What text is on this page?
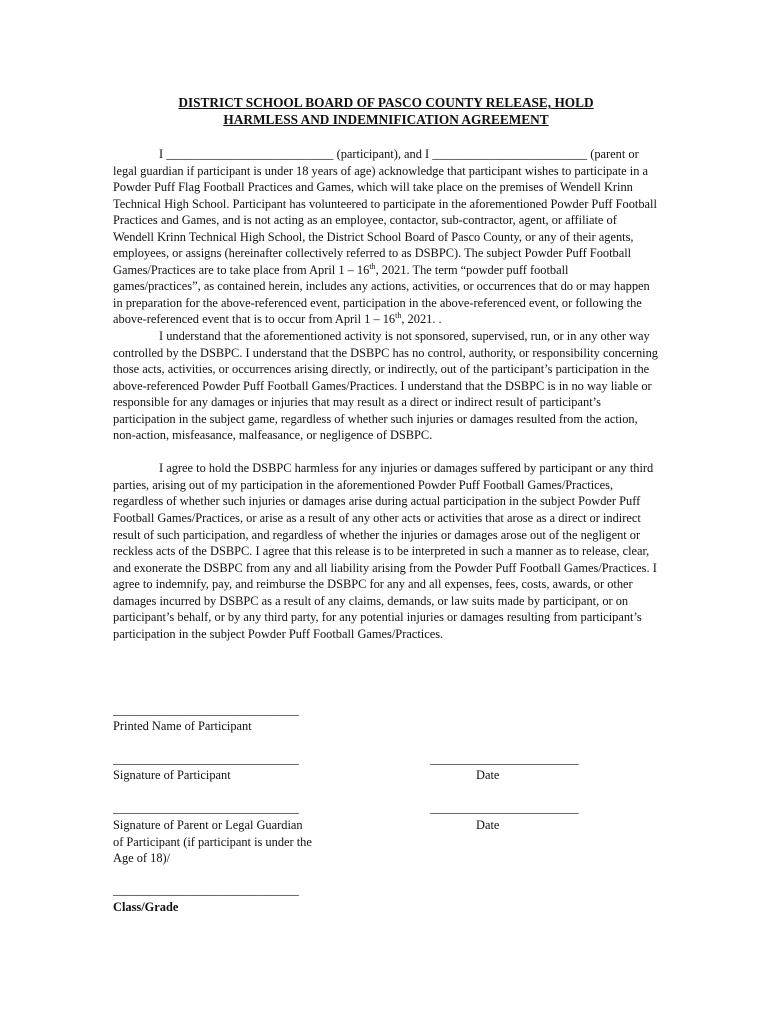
DISTRICT SCHOOL BOARD OF PASCO COUNTY RELEASE, HOLD
HARMLESS AND INDEMNIFICATION AGREEMENT

I ___________________________ (participant), and I _________________________ (parent or legal guardian if participant is under 18 years of age) acknowledge that participant wishes to participate in a Powder Puff Flag Football Practices and Games, which will take place on the premises of Wendell Krinn Technical High School. Participant has volunteered to participate in the aforementioned Powder Puff Football Practices and Games, and is not acting as an employee, contactor, sub-contractor, agent, or affiliate of Wendell Krinn Technical High School, the District School Board of Pasco County, or any of their agents, employees, or assigns (hereinafter collectively referred to as DSBPC). The subject Powder Puff Football Games/Practices are to take place from April 1 – 16th, 2021. The term “powder puff football games/practices”, as contained herein, includes any actions, activities, or occurrences that do or may happen in preparation for the above-referenced event, participation in the above-referenced event, or following the above-referenced event that is to occur from April 1 – 16th, 2021. .

I understand that the aforementioned activity is not sponsored, supervised, run, or in any other way controlled by the DSBPC. I understand that the DSBPC has no control, authority, or responsibility concerning those acts, activities, or occurrences arising directly, or indirectly, out of the participant’s participation in the above-referenced Powder Puff Football Games/Practices. I understand that the DSBPC is in no way liable or responsible for any damages or injuries that may result as a direct or indirect result of participant’s participation in the subject game, regardless of whether such injuries or damages resulted from the action, non-action, misfeasance, malfeasance, or negligence of DSBPC.

I agree to hold the DSBPC harmless for any injuries or damages suffered by participant or any third parties, arising out of my participation in the aforementioned Powder Puff Football Games/Practices, regardless of whether such injuries or damages arise during actual participation in the subject Powder Puff Football Games/Practices, or arise as a result of any other acts or activities that arose as a direct or indirect result of such participation, and regardless of whether the injuries or damages arose out of the negligent or reckless acts of the DSBPC. I agree that this release is to be interpreted in such a manner as to release, clear, and exonerate the DSBPC from any and all liability arising from the Powder Puff Football Games/Practices. I agree to indemnify, pay, and reimburse the DSBPC for any and all expenses, fees, costs, awards, or other damages incurred by DSBPC as a result of any claims, demands, or law suits made by participant, or on participant’s behalf, or by any third party, for any potential injuries or damages resulting from participant’s participation in the subject Powder Puff Football Games/Practices.

______________________________
Printed Name of Participant
______________________________	________________________
Signature of Participant	Date
______________________________	________________________
Signature of Parent or Legal Guardian
of Participant (if participant is under the
Age of 18)/
Date
______________________________
Class/Grade
